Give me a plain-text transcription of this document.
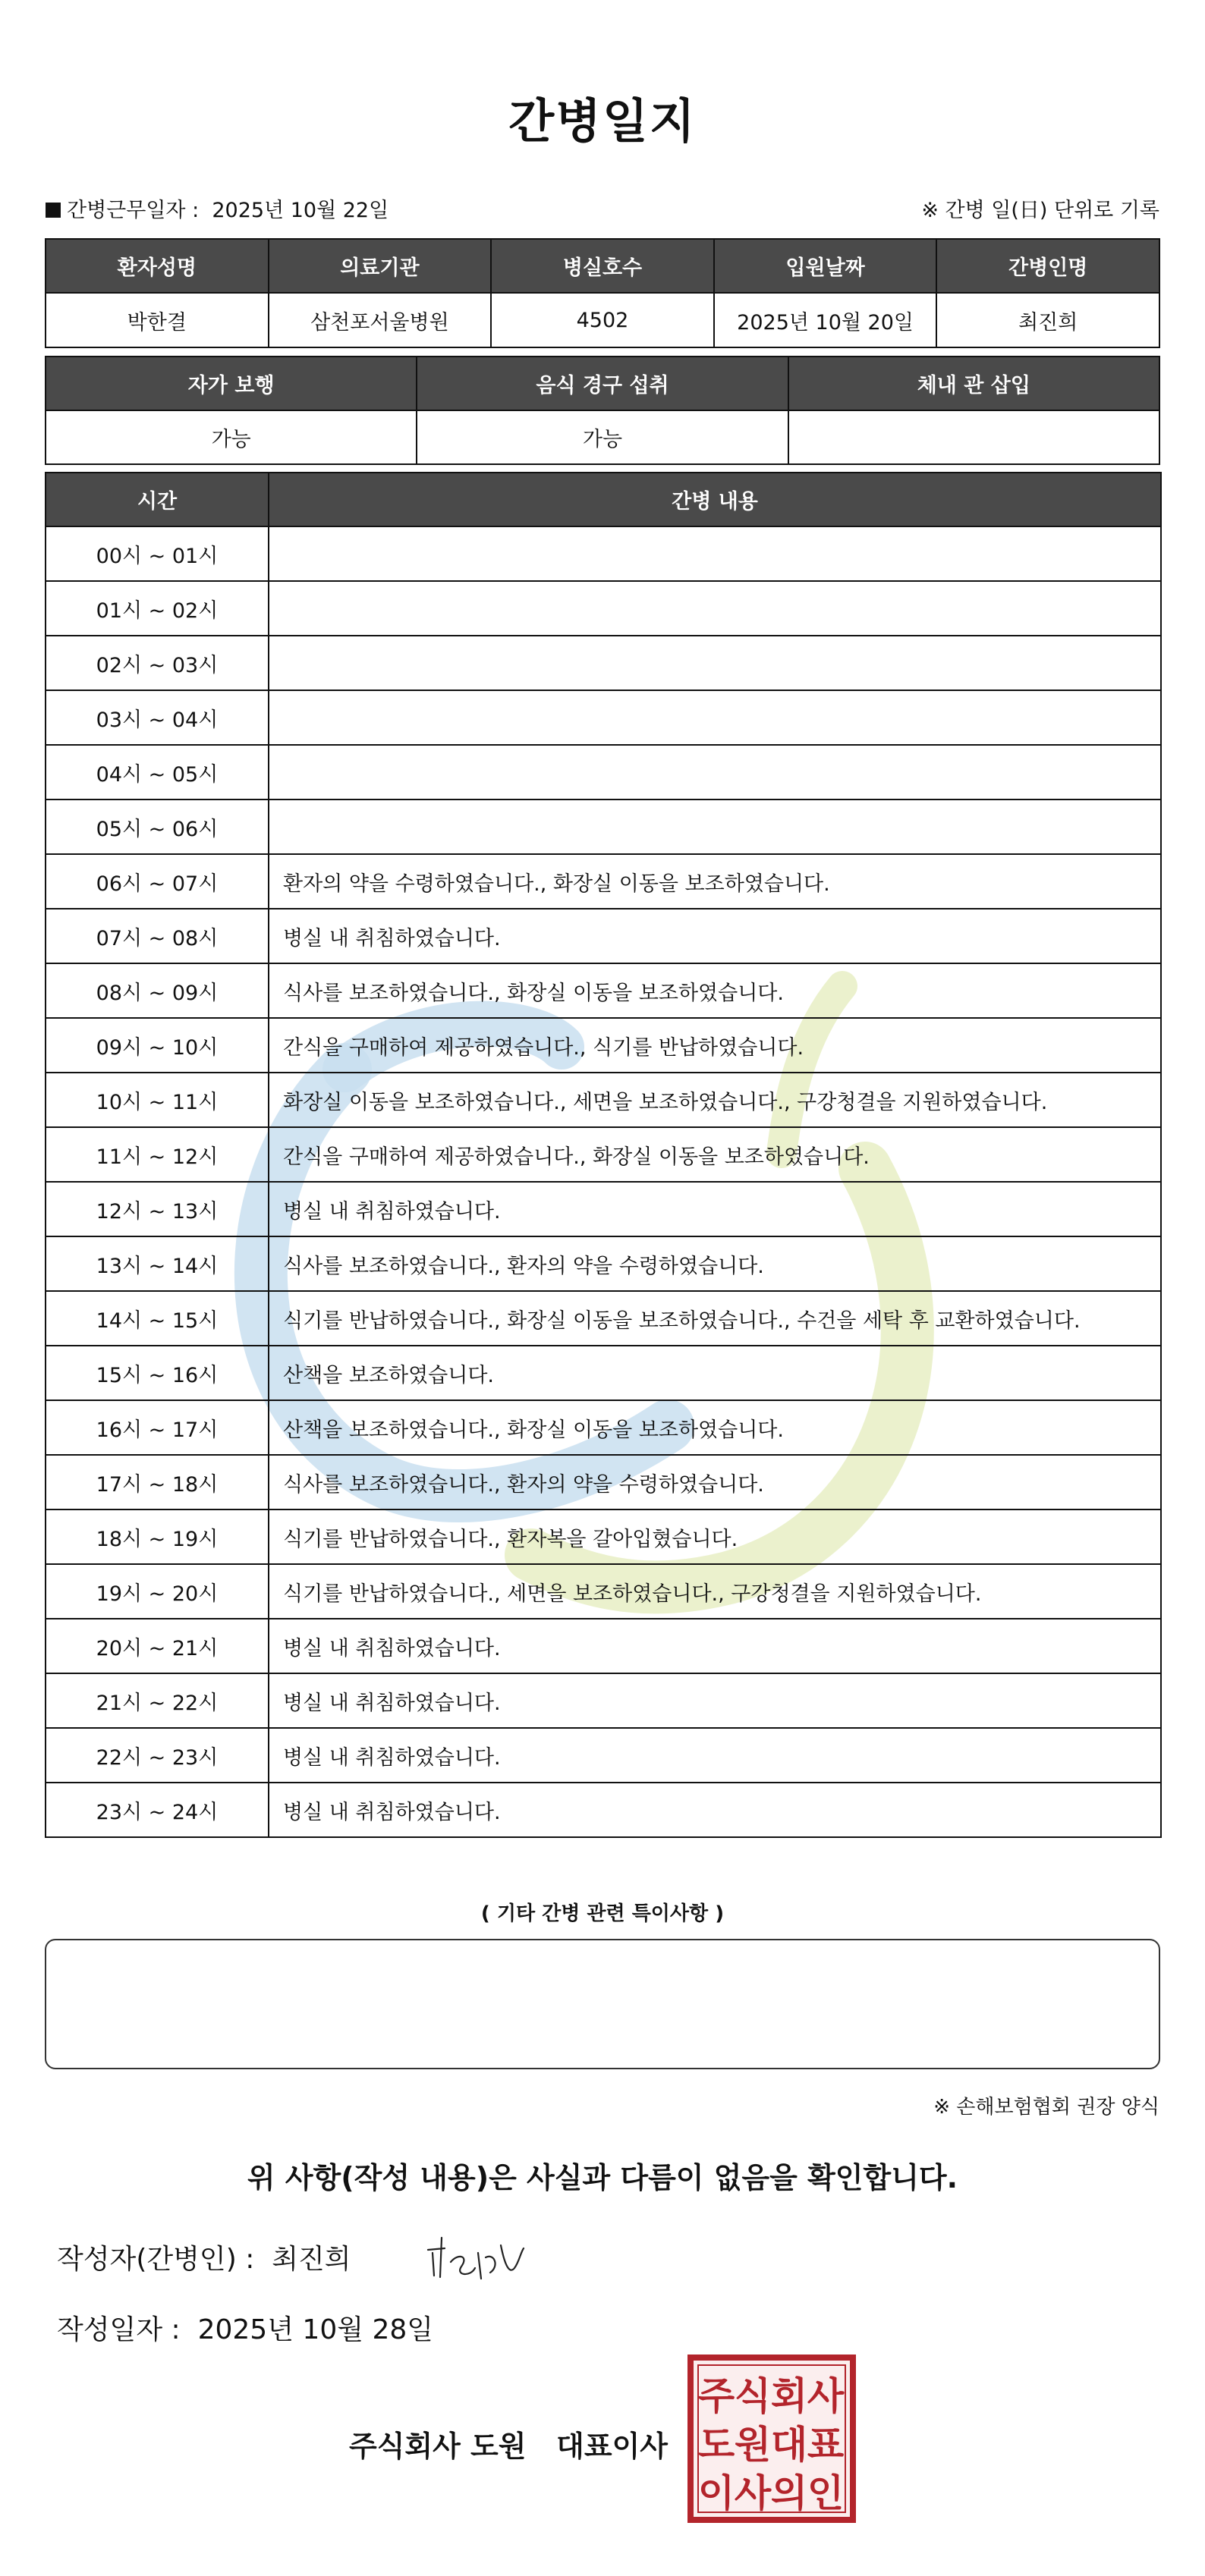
간병일지
간병근무일자 : 2025년 10월 22일	※ 간병 일(日) 단위로 기록
환자성명	의료기관	병실호수	입원날짜	간병인명
박한결	삼천포서울병원	4502	2025년 10월 20일	최진희
자가 보행	음식 경구 섭취	체내 관 삽입
가능	가능	
시간	간병 내용
00시 ~ 01시	
01시 ~ 02시	
02시 ~ 03시	
03시 ~ 04시	
04시 ~ 05시	
05시 ~ 06시	
06시 ~ 07시	환자의 약을 수령하였습니다., 화장실 이동을 보조하였습니다.
07시 ~ 08시	병실 내 취침하였습니다.
08시 ~ 09시	식사를 보조하였습니다., 화장실 이동을 보조하였습니다.
09시 ~ 10시	간식을 구매하여 제공하였습니다., 식기를 반납하였습니다.
10시 ~ 11시	화장실 이동을 보조하였습니다., 세면을 보조하였습니다., 구강청결을 지원하였습니다.
11시 ~ 12시	간식을 구매하여 제공하였습니다., 화장실 이동을 보조하였습니다.
12시 ~ 13시	병실 내 취침하였습니다.
13시 ~ 14시	식사를 보조하였습니다., 환자의 약을 수령하였습니다.
14시 ~ 15시	식기를 반납하였습니다., 화장실 이동을 보조하였습니다., 수건을 세탁 후 교환하였습니다.
15시 ~ 16시	산책을 보조하였습니다.
16시 ~ 17시	산책을 보조하였습니다., 화장실 이동을 보조하였습니다.
17시 ~ 18시	식사를 보조하였습니다., 환자의 약을 수령하였습니다.
18시 ~ 19시	식기를 반납하였습니다., 환자복을 갈아입혔습니다.
19시 ~ 20시	식기를 반납하였습니다., 세면을 보조하였습니다., 구강청결을 지원하였습니다.
20시 ~ 21시	병실 내 취침하였습니다.
21시 ~ 22시	병실 내 취침하였습니다.
22시 ~ 23시	병실 내 취침하였습니다.
23시 ~ 24시	병실 내 취침하였습니다.
( 기타 간병 관련 특이사항 )
※ 손해보험협회 권장 양식
위 사항(작성 내용)은 사실과 다름이 없음을 확인합니다.
작성자(간병인) : 최진희
작성일자 : 2025년 10월 28일
주식회사 도원   대표이사
주 식 회 사
도 원 대 표
이 사 의 인
